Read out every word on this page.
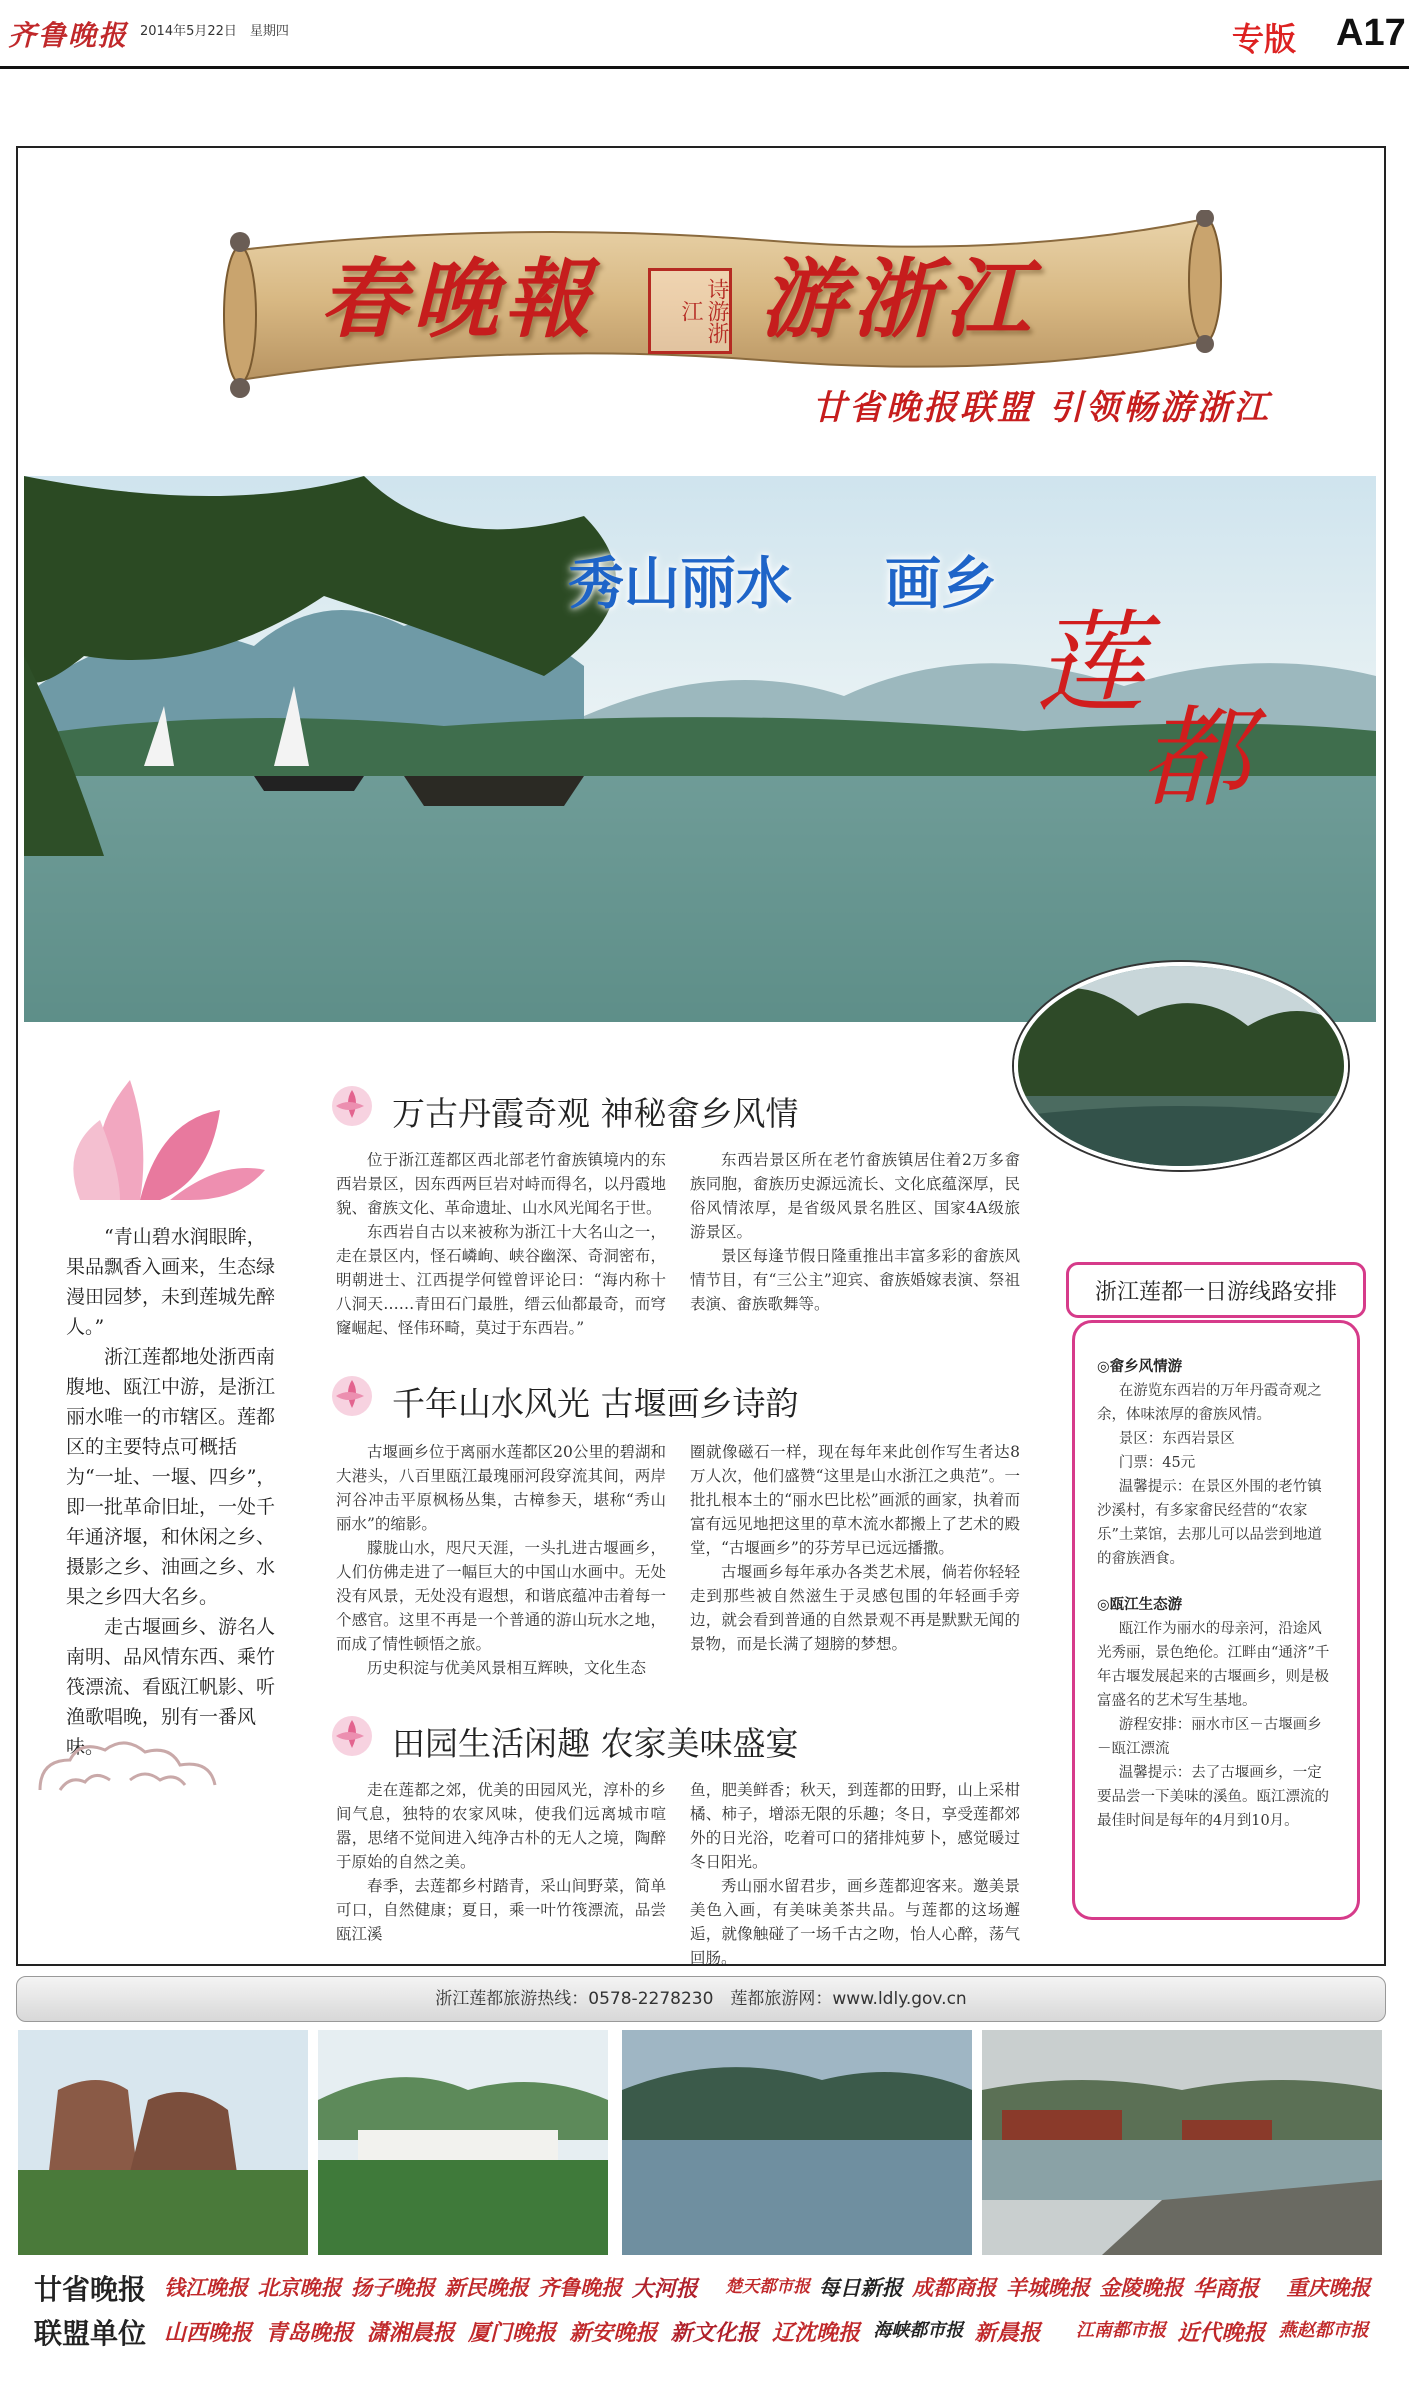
齐鲁晚报 2014年5月22日　星期四	专版 A17
春晚報	诗游浙江 游浙江
廿省晚报联盟 引领畅游浙江
秀山丽水 画乡
莲
都

“青山碧水润眼眸，果品飘香入画来，生态绿漫田园梦，未到莲城先醉人。”

浙江莲都地处浙西南腹地、瓯江中游，是浙江丽水唯一的市辖区。莲都区的主要特点可概括为“一址、一堰、四乡”，即一批革命旧址，一处千年通济堰，和休闲之乡、摄影之乡、油画之乡、水果之乡四大名乡。

走古堰画乡、游名人南明、品风情东西、乘竹筏漂流、看瓯江帆影、听渔歌唱晚，别有一番风味。

万古丹霞奇观 神秘畲乡风情

位于浙江莲都区西北部老竹畲族镇境内的东西岩景区，因东西两巨岩对峙而得名，以丹霞地貌、畲族文化、革命遗址、山水风光闻名于世。

东西岩自古以来被称为浙江十大名山之一，走在景区内，怪石嶙峋、峡谷幽深、奇洞密布，明朝进士、江西提学何镗曾评论曰：“海内称十八洞天……青田石门最胜，缙云仙都最奇，而穹窿崛起、怪伟环畸，莫过于东西岩。”

东西岩景区所在老竹畲族镇居住着2万多畲族同胞，畲族历史源远流长、文化底蕴深厚，民俗风情浓厚，是省级风景名胜区、国家4A级旅游景区。

景区每逢节假日隆重推出丰富多彩的畲族风情节目，有“三公主”迎宾、畲族婚嫁表演、祭祖表演、畲族歌舞等。

千年山水风光 古堰画乡诗韵

古堰画乡位于离丽水莲都区20公里的碧湖和大港头，八百里瓯江最瑰丽河段穿流其间，两岸河谷冲击平原枫杨丛集，古樟参天，堪称“秀山丽水”的缩影。

朦胧山水，咫尺天涯，一头扎进古堰画乡，人们仿佛走进了一幅巨大的中国山水画中。无处没有风景，无处没有遐想，和谐底蕴冲击着每一个感官。这里不再是一个普通的游山玩水之地，而成了情性顿悟之旅。

历史积淀与优美风景相互辉映，文化生态

圈就像磁石一样，现在每年来此创作写生者达8万人次，他们盛赞“这里是山水浙江之典范”。一批扎根本土的“丽水巴比松”画派的画家，执着而富有远见地把这里的草木流水都搬上了艺术的殿堂，“古堰画乡”的芬芳早已远远播撒。

古堰画乡每年承办各类艺术展，倘若你轻轻走到那些被自然滋生于灵感包围的年轻画手旁边，就会看到普通的自然景观不再是默默无闻的景物，而是长满了翅膀的梦想。

田园生活闲趣 农家美味盛宴

走在莲都之郊，优美的田园风光，淳朴的乡间气息，独特的农家风味，使我们远离城市喧嚣，思绪不觉间进入纯净古朴的无人之境，陶醉于原始的自然之美。

春季，去莲都乡村踏青，采山间野菜，简单可口，自然健康；夏日，乘一叶竹筏漂流，品尝瓯江溪

鱼，肥美鲜香；秋天，到莲都的田野，山上采柑橘、柿子，增添无限的乐趣；冬日，享受莲都郊外的日光浴，吃着可口的猪排炖萝卜，感觉暖过冬日阳光。

秀山丽水留君步，画乡莲都迎客来。邀美景美色入画，有美味美茶共品。与莲都的这场邂逅，就像触碰了一场千古之吻，怡人心醉，荡气回肠。

◎畲乡风情游
在游览东西岩的万年丹霞奇观之余，体味浓厚的畲族风情。
景区：东西岩景区
门票：45元
温馨提示：在景区外围的老竹镇沙溪村，有多家畲民经营的“农家乐”土菜馆，去那儿可以品尝到地道的畲族酒食。
◎瓯江生态游
瓯江作为丽水的母亲河，沿途风光秀丽，景色绝伦。江畔由“通济”千年古堰发展起来的古堰画乡，则是极富盛名的艺术写生基地。
游程安排：丽水市区－古堰画乡－瓯江漂流
温馨提示：去了古堰画乡，一定要品尝一下美味的溪鱼。瓯江漂流的最佳时间是每年的4月到10月。
浙江莲都一日游线路安排
浙江莲都旅游热线：0578-2278230　莲都旅游网：www.ldly.gov.cn
廿省晚报
联盟单位
钱江晚报 北京晚报 扬子晚报 新民晚报 齐鲁晚报 大河报 楚天都市报 每日新报 成都商报 羊城晚报 金陵晚报 华商报 重庆晚报
山西晚报 青岛晚报 潇湘晨报 厦门晚报 新安晚报 新文化报 辽沈晚报 海峡都市报 新晨报 江南都市报 近代晚报 燕赵都市报
